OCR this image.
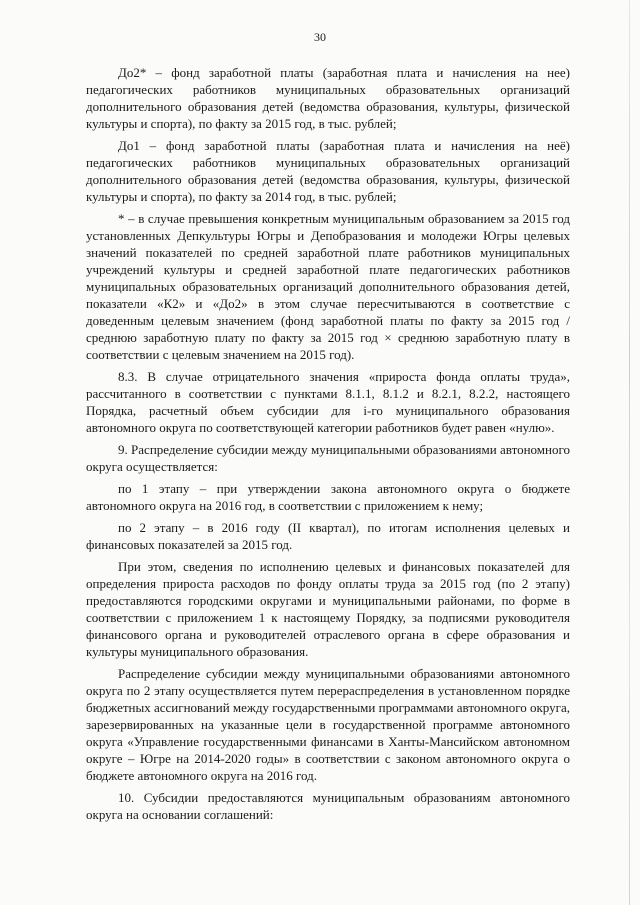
30

До2* – фонд заработной платы (заработная плата и начисления на нее) педагогических работников муниципальных образовательных организаций дополнительного образования детей (ведомства образования, культуры, физической культуры и спорта), по факту за 2015 год, в тыс. рублей;

До1 – фонд заработной платы (заработная плата и начисления на неё) педагогических работников муниципальных образовательных организаций дополнительного образования детей (ведомства образования, культуры, физической культуры и спорта), по факту за 2014 год, в тыс. рублей;

* – в случае превышения конкретным муниципальным образованием за 2015 год установленных Депкультуры Югры и Депобразования и молодежи Югры целевых значений показателей по средней заработной плате работников муниципальных учреждений культуры и средней заработной плате педагогических работников муниципальных образовательных организаций дополнительного образования детей, показатели «К2» и «До2» в этом случае пересчитываются в соответствие с доведенным целевым значением (фонд заработной платы по факту за 2015 год / среднюю заработную плату по факту за 2015 год × среднюю заработную плату в соответствии с целевым значением на 2015 год).

8.3. В случае отрицательного значения «прироста фонда оплаты труда», рассчитанного в соответствии с пунктами 8.1.1, 8.1.2 и 8.2.1, 8.2.2, настоящего Порядка, расчетный объем субсидии для i-го муниципального образования автономного округа по соответствующей категории работников будет равен «нулю».

9. Распределение субсидии между муниципальными образованиями автономного округа осуществляется:

по 1 этапу – при утверждении закона автономного округа о бюджете автономного округа на 2016 год, в соответствии с приложением к нему;

по 2 этапу – в 2016 году (II квартал), по итогам исполнения целевых и финансовых показателей за 2015 год.

При этом, сведения по исполнению целевых и финансовых показателей для определения прироста расходов по фонду оплаты труда за 2015 год (по 2 этапу) предоставляются городскими округами и муниципальными районами, по форме в соответствии с приложением 1 к настоящему Порядку, за подписями руководителя финансового органа и руководителей отраслевого органа в сфере образования и культуры муниципального образования.

Распределение субсидии между муниципальными образованиями автономного округа по 2 этапу осуществляется путем перераспределения в установленном порядке бюджетных ассигнований между государственными программами автономного округа, зарезервированных на указанные цели в государственной программе автономного округа «Управление государственными финансами в Ханты-Мансийском автономном округе – Югре на 2014-2020 годы» в соответствии с законом автономного округа о бюджете автономного округа на 2016 год.

10. Субсидии предоставляются муниципальным образованиям автономного округа на основании соглашений:
